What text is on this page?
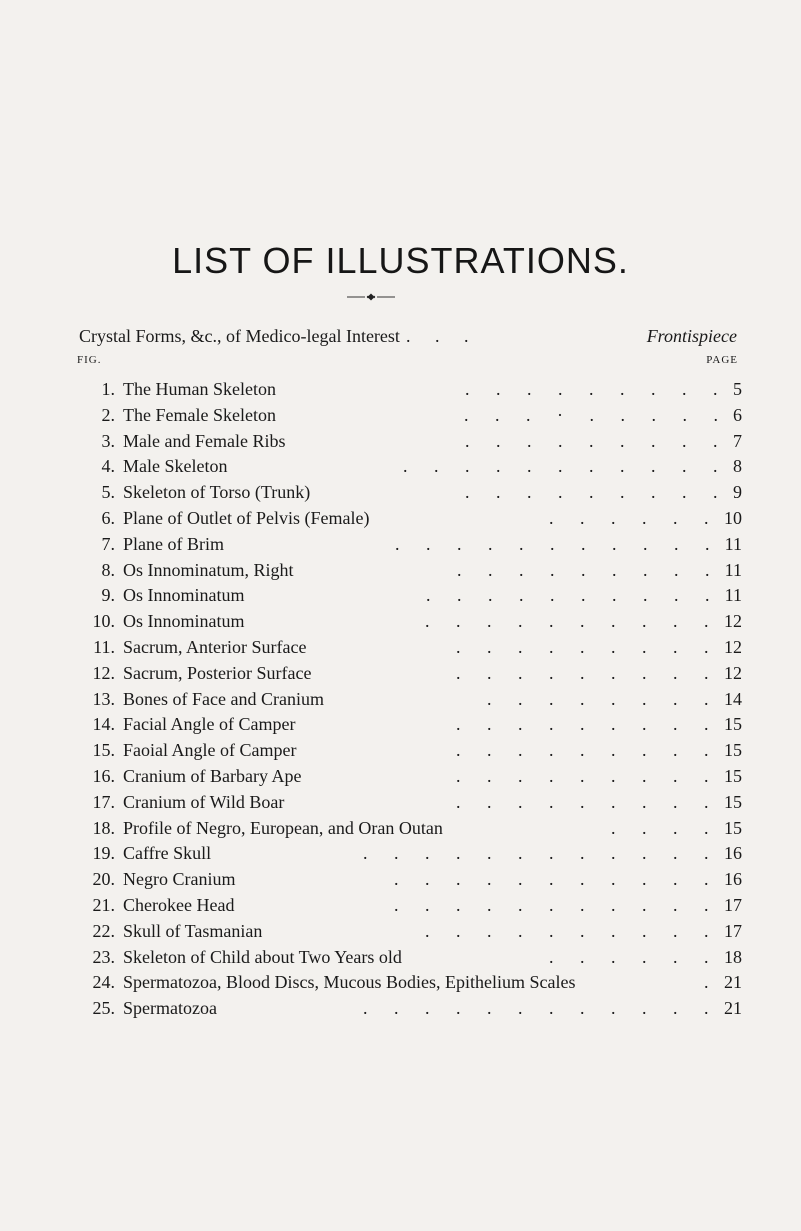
LIST OF ILLUSTRATIONS.
Crystal Forms, &c., of Medico-legal Interest . . .	Frontispiece
FIG.	PAGE
1. The Human Skeleton	. . . . . . . . . 5
2. The Female Skeleton	. . . · . . . . . 6
3. Male and Female Ribs	. . . . . . . . . 7
4. Male Skeleton	. . . . . . . . . . . 8
5. Skeleton of Torso (Trunk)	. . . . . . . . . 9
6. Plane of Outlet of Pelvis (Female)	. . . . . . 10
7. Plane of Brim	. . . . . . . . . . . 11
8. Os Innominatum, Right	. . . . . . . . . 11
9. Os Innominatum	. . . . . . . . . . 11
10. Os Innominatum	. . . . . . . . . . 12
11. Sacrum, Anterior Surface	. . . . . . . . . 12
12. Sacrum, Posterior Surface	. . . . . . . . . 12
13. Bones of Face and Cranium	. . . . . . . . 14
14. Facial Angle of Camper	. . . . . . . . . 15
15. Faoial Angle of Camper	. . . . . . . . . 15
16. Cranium of Barbary Ape	. . . . . . . . . 15
17. Cranium of Wild Boar	. . . . . . . . . 15
18. Profile of Negro, European, and Oran Outan	. . . . 15
19. Caffre Skull	. . . . . . . . . . . . 16
20. Negro Cranium	. . . . . . . . . . . 16
21. Cherokee Head	. . . . . . . . . . . 17
22. Skull of Tasmanian	. . . . . . . . . . 17
23. Skeleton of Child about Two Years old	. . . . . . 18
24. Spermatozoa, Blood Discs, Mucous Bodies, Epithelium Scales	. 21
25. Spermatozoa	. . . . . . . . . . . . 21
